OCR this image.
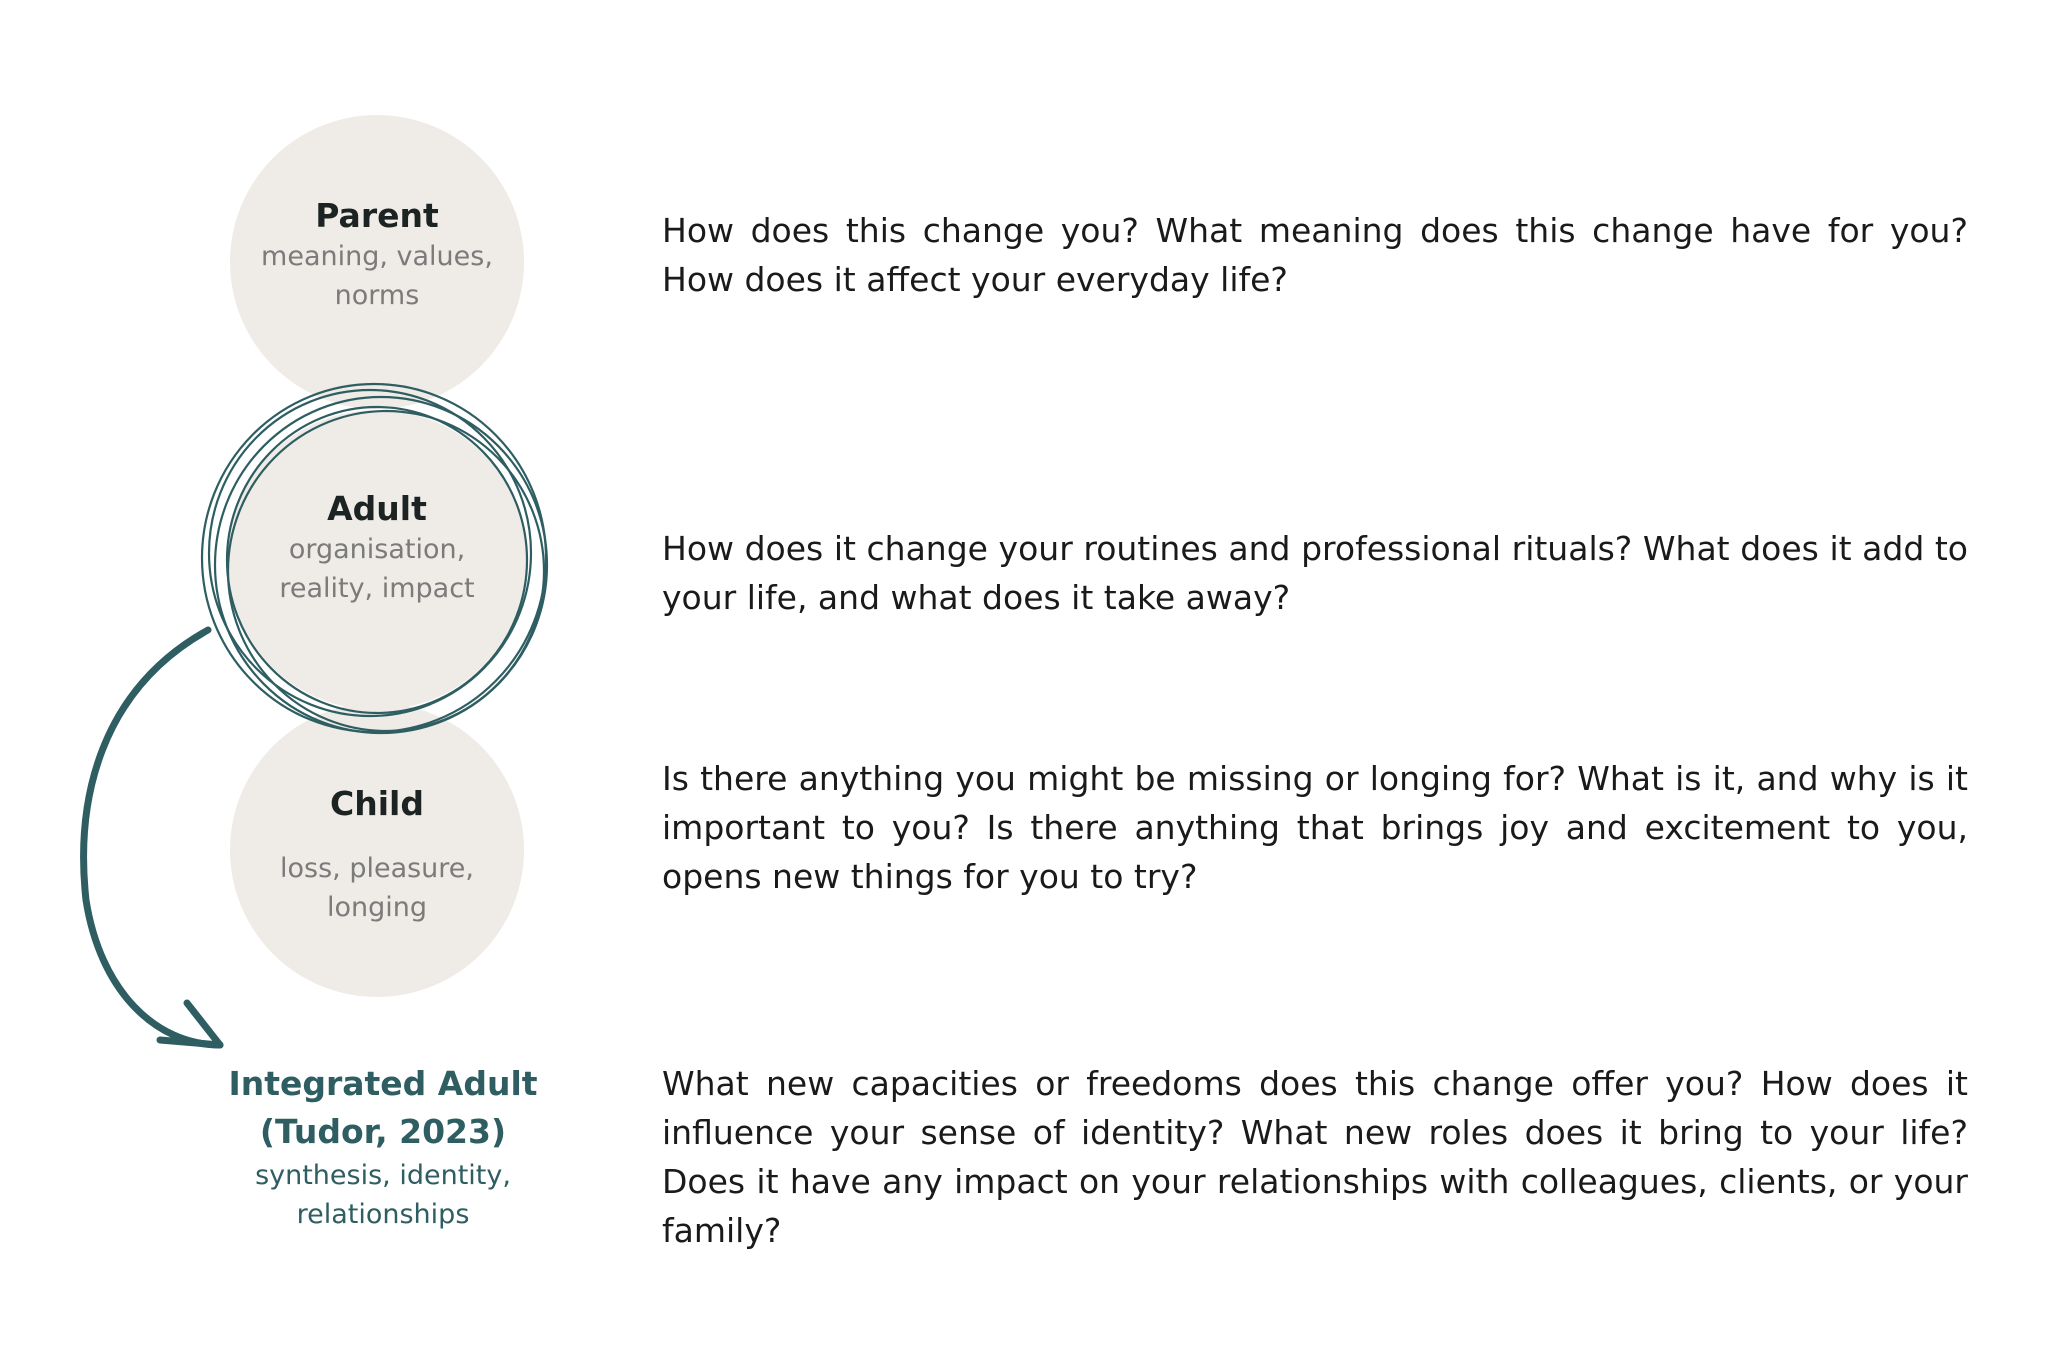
Parent

meaning, values,

norms

Adult

organisation,

reality, impact

Child

loss, pleasure,

longing

Integrated Adult

(Tudor, 2023)

synthesis, identity,

relationships

How does this change you? What meaning does this change have for you? How does it affect your everyday life?

How does it change your routines and professional rituals? What does it add to your life, and what does it take away?

Is there anything you might be missing or longing for? What is it, and why is it important to you? Is there anything that brings joy and excitement to you, opens new things for you to try?

What new capacities or freedoms does this change offer you? How does it influence your sense of identity? What new roles does it bring to your life? Does it have any impact on your relationships with colleagues, clients, or your family?
